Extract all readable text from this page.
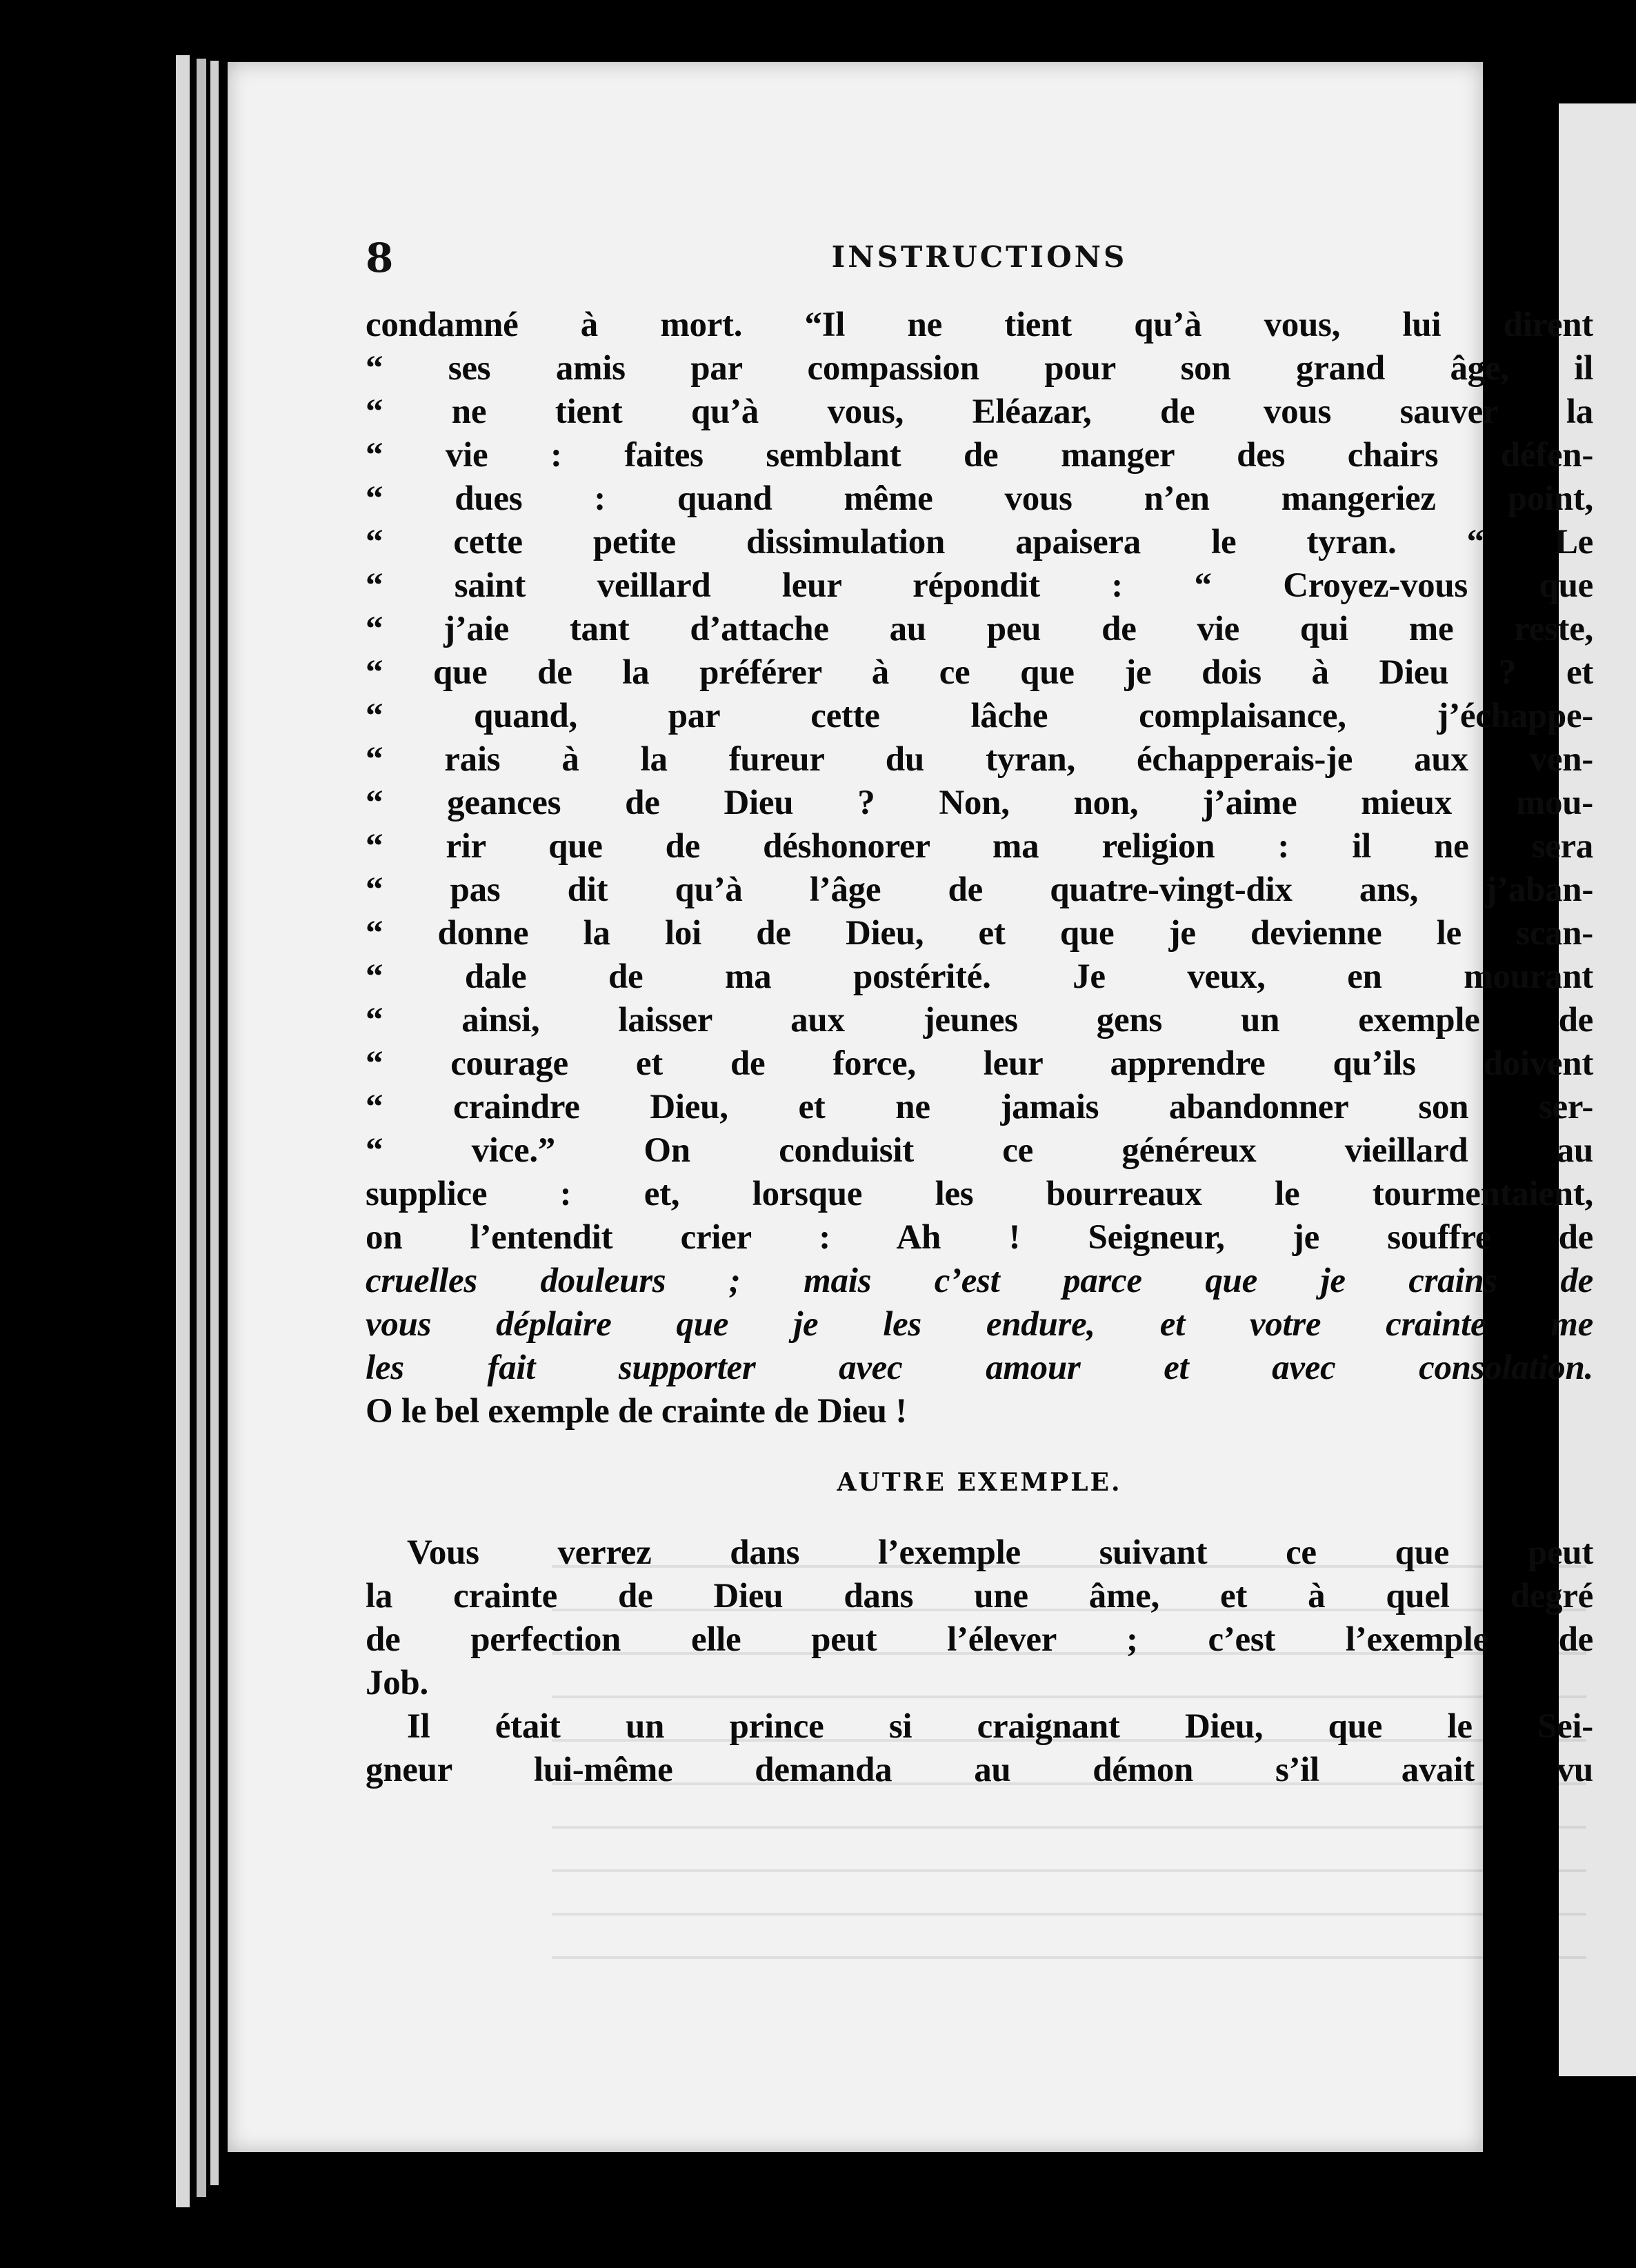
8	INSTRUCTIONS
condamné à mort. “Il ne tient qu’à vous, lui dirent
“ ses amis par compassion pour son grand âge, il
“ ne tient qu’à vous, Eléazar, de vous sauver la
“ vie : faites semblant de manger des chairs défen-
“ dues : quand même vous n’en mangeriez point,
“ cette petite dissimulation apaisera le tyran. “ Le
“ saint veillard leur répondit : “ Croyez-vous que
“ j’aie tant d’attache au peu de vie qui me reste,
“ que de la préférer à ce que je dois à Dieu ? et
“ quand, par cette lâche complaisance, j’échappe-
“ rais à la fureur du tyran, échapperais-je aux ven-
“ geances de Dieu ? Non, non, j’aime mieux mou-
“ rir que de déshonorer ma religion : il ne sera
“ pas dit qu’à l’âge de quatre-vingt-dix ans, j’aban-
“ donne la loi de Dieu, et que je devienne le scan-
“ dale de ma postérité. Je veux, en mourant
“ ainsi, laisser aux jeunes gens un exemple de
“ courage et de force, leur apprendre qu’ils doivent
“ craindre Dieu, et ne jamais abandonner son ser-
“ vice.” On conduisit ce généreux vieillard au
supplice : et, lorsque les bourreaux le tourmentaient,
on l’entendit crier : Ah ! Seigneur, je souffre de
cruelles douleurs ; mais c’est parce que je crains de
vous déplaire que je les endure, et votre crainte me
les fait supporter avec amour et avec consolation.
O le bel exemple de crainte de Dieu !
AUTRE EXEMPLE.
Vous verrez dans l’exemple suivant ce que peut
la crainte de Dieu dans une âme, et à quel degré
de perfection elle peut l’élever ; c’est l’exemple de
Job.
Il était un prince si craignant Dieu, que le Sei-
gneur lui-même demanda au démon s’il avait vu
